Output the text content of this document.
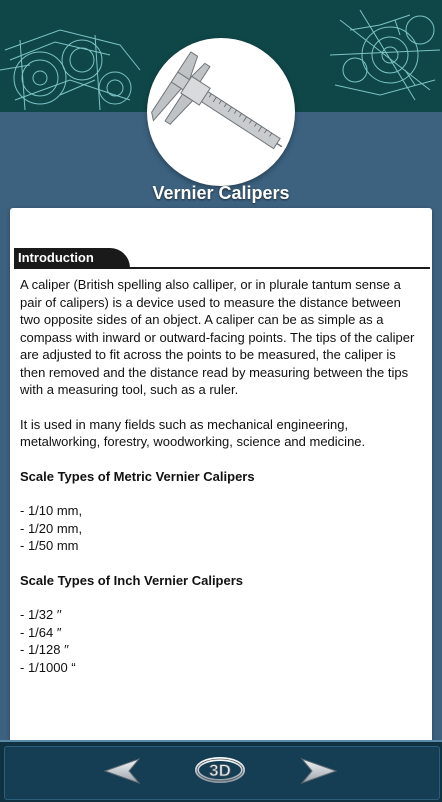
Vernier Calipers
Introduction

A caliper (British spelling also calliper, or in plurale tantum sense a pair of calipers) is a device used to measure the distance between two opposite sides of an object. A caliper can be as simple as a compass with inward or outward-facing points. The tips of the caliper are adjusted to fit across the points to be measured, the caliper is then removed and the distance read by measuring between the tips with a measuring tool, such as a ruler.

It is used in many fields such as mechanical engineering, metalworking, forestry, woodworking, science and medicine.

Scale Types of Metric Vernier Calipers
- 1/10 mm,
- 1/20 mm,
- 1/50 mm
Scale Types of Inch Vernier Calipers
- 1/32 ′′
- 1/64 ″
- 1/128 ′′
- 1/1000 “
3D
